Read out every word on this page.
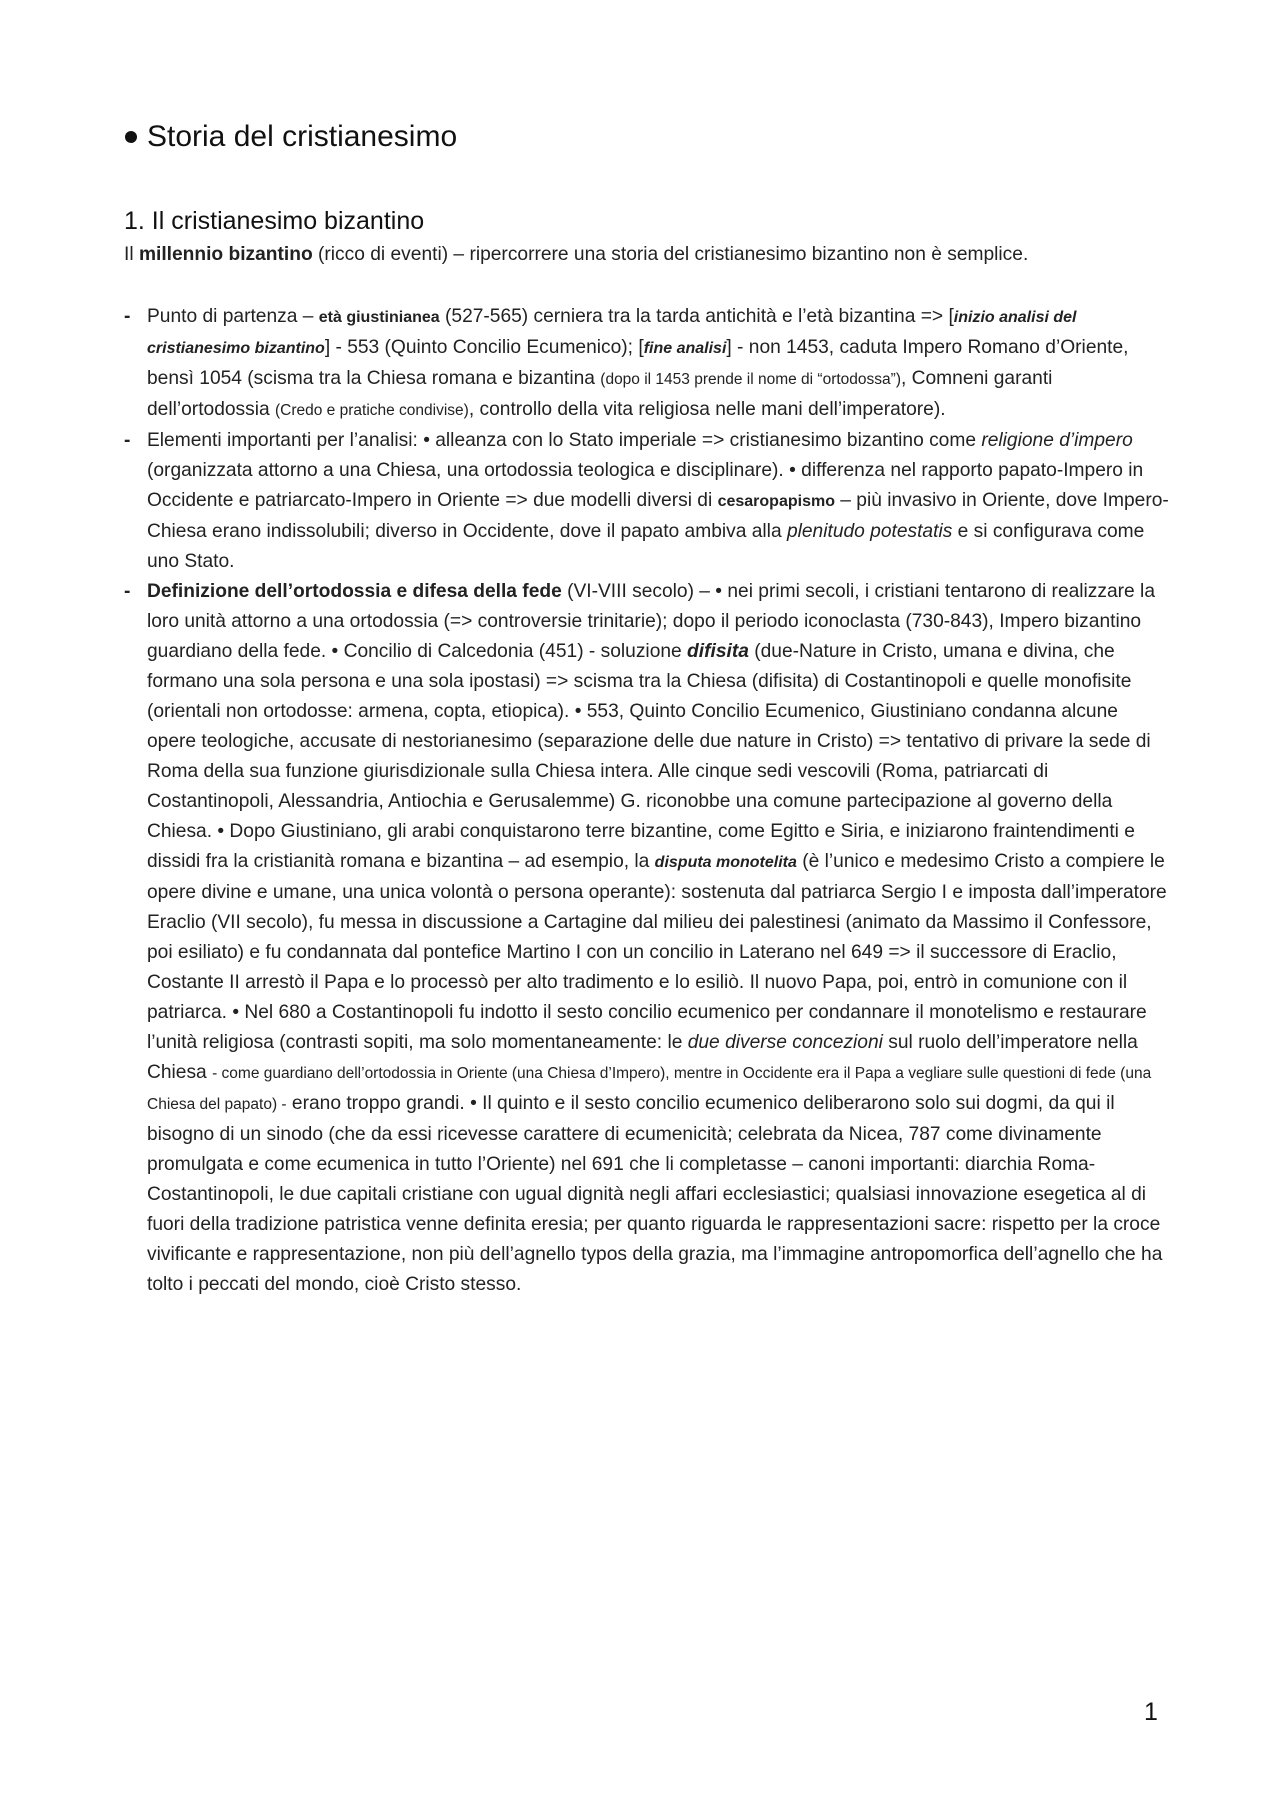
Storia del cristianesimo
1. Il cristianesimo bizantino
Il millennio bizantino (ricco di eventi) – ripercorrere una storia del cristianesimo bizantino non è semplice.
- Punto di partenza – età giustinianea (527-565) cerniera tra la tarda antichità e l’età bizantina => [inizio analisi del cristianesimo bizantino] - 553 (Quinto Concilio Ecumenico); [fine analisi] - non 1453, caduta Impero Romano d’Oriente, bensì 1054 (scisma tra la Chiesa romana e bizantina (dopo il 1453 prende il nome di “ortodossa”), Comneni garanti dell’ortodossia (Credo e pratiche condivise), controllo della vita religiosa nelle mani dell’imperatore).
- Elementi importanti per l’analisi: • alleanza con lo Stato imperiale => cristianesimo bizantino come religione d’impero (organizzata attorno a una Chiesa, una ortodossia teologica e disciplinare). • differenza nel rapporto papato-Impero in Occidente e patriarcato-Impero in Oriente => due modelli diversi di cesaropapismo – più invasivo in Oriente, dove Impero-Chiesa erano indissolubili; diverso in Occidente, dove il papato ambiva alla plenitudo potestatis e si configurava come uno Stato.
- Definizione dell’ortodossia e difesa della fede (VI-VIII secolo) – • nei primi secoli, i cristiani tentarono di realizzare la loro unità attorno a una ortodossia (=> controversie trinitarie); dopo il periodo iconoclasta (730-843), Impero bizantino guardiano della fede. • Concilio di Calcedonia (451) - soluzione difisita (due-Nature in Cristo, umana e divina, che formano una sola persona e una sola ipostasi) => scisma tra la Chiesa (difisita) di Costantinopoli e quelle monofisite (orientali non ortodosse: armena, copta, etiopica). • 553, Quinto Concilio Ecumenico, Giustiniano condanna alcune opere teologiche, accusate di nestorianesimo (separazione delle due nature in Cristo) => tentativo di privare la sede di Roma della sua funzione giurisdizionale sulla Chiesa intera. Alle cinque sedi vescovili (Roma, patriarcati di Costantinopoli, Alessandria, Antiochia e Gerusalemme) G. riconobbe una comune partecipazione al governo della Chiesa. • Dopo Giustiniano, gli arabi conquistarono terre bizantine, come Egitto e Siria, e iniziarono fraintendimenti e dissidi fra la cristianità romana e bizantina – ad esempio, la disputa monotelita (è l’unico e medesimo Cristo a compiere le opere divine e umane, una unica volontà o persona operante): sostenuta dal patriarca Sergio I e imposta dall’imperatore Eraclio (VII secolo), fu messa in discussione a Cartagine dal milieu dei palestinesi (animato da Massimo il Confessore, poi esiliato) e fu condannata dal pontefice Martino I con un concilio in Laterano nel 649 => il successore di Eraclio, Costante II arrestò il Papa e lo processò per alto tradimento e lo esiliò. Il nuovo Papa, poi, entrò in comunione con il patriarca. • Nel 680 a Costantinopoli fu indotto il sesto concilio ecumenico per condannare il monotelismo e restaurare l’unità religiosa (contrasti sopiti, ma solo momentaneamente: le due diverse concezioni sul ruolo dell’imperatore nella Chiesa - come guardiano dell’ortodossia in Oriente (una Chiesa d’Impero), mentre in Occidente era il Papa a vegliare sulle questioni di fede (una Chiesa del papato) - erano troppo grandi. • Il quinto e il sesto concilio ecumenico deliberarono solo sui dogmi, da qui il bisogno di un sinodo (che da essi ricevesse carattere di ecumenicità; celebrata da Nicea, 787 come divinamente promulgata e come ecumenica in tutto l’Oriente) nel 691 che li completasse – canoni importanti: diarchia Roma-Costantinopoli, le due capitali cristiane con ugual dignità negli affari ecclesiastici; qualsiasi innovazione esegetica al di fuori della tradizione patristica venne definita eresia; per quanto riguarda le rappresentazioni sacre: rispetto per la croce vivificante e rappresentazione, non più dell’agnello typos della grazia, ma l’immagine antropomorfica dell’agnello che ha tolto i peccati del mondo, cioè Cristo stesso.
1
